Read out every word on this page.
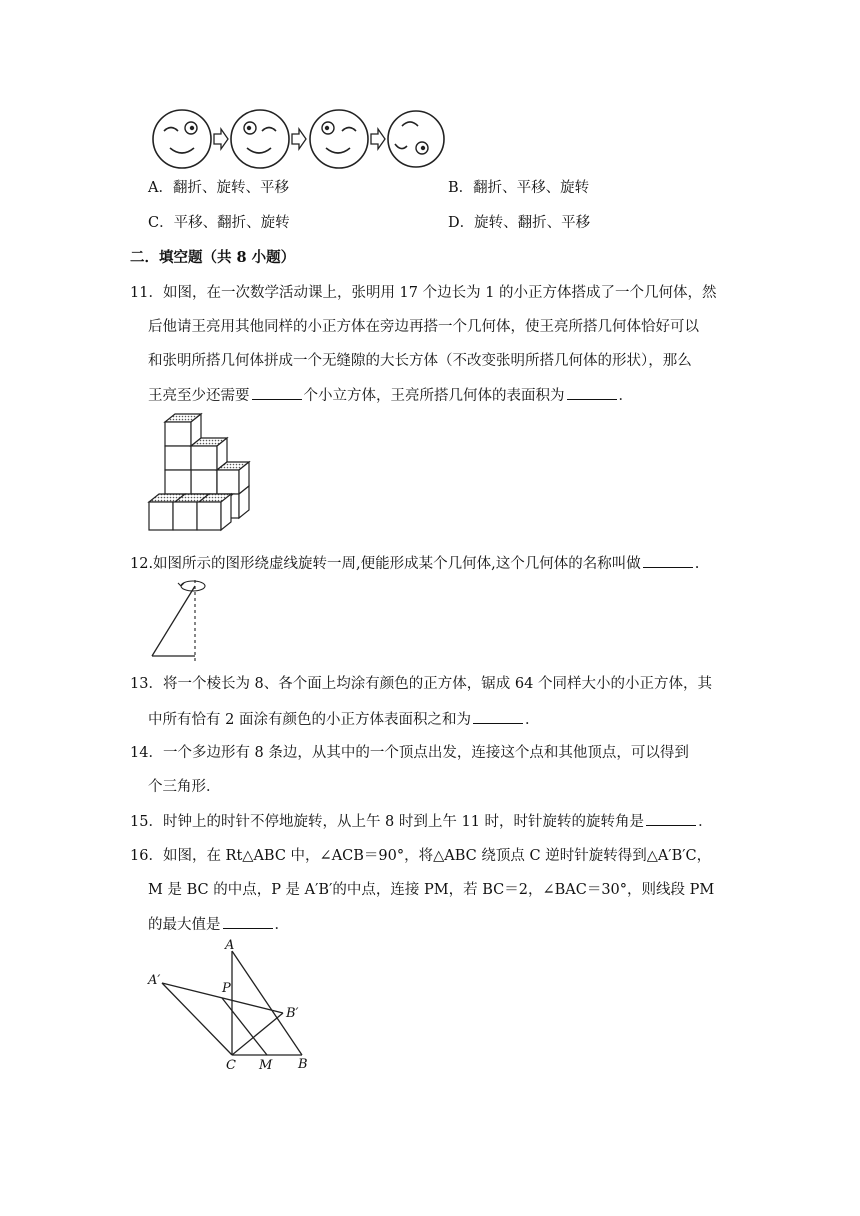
A．翻折、旋转、平移	B．翻折、平移、旋转
C．平移、翻折、旋转	D．旋转、翻折、平移
二．填空题（共 8 小题）
11．如图，在一次数学活动课上，张明用 17 个边长为 1 的小正方体搭成了一个几何体，然
后他请王亮用其他同样的小正方体在旁边再搭一个几何体，使王亮所搭几何体恰好可以
和张明所搭几何体拼成一个无缝隙的大长方体（不改变张明所搭几何体的形状），那么
王亮至少还需要	个小立方体，王亮所搭几何体的表面积为	．
12.如图所示的图形绕虚线旋转一周,便能形成某个几何体,这个几何体的名称叫做	.
13．将一个棱长为 8、各个面上均涂有颜色的正方体，锯成 64 个同样大小的小正方体，其
中所有恰有 2 面涂有颜色的小正方体表面积之和为	．
14．一个多边形有 8 条边，从其中的一个顶点出发，连接这个点和其他顶点，可以得到
个三角形．
15．时钟上的时针不停地旋转，从上午 8 时到上午 11 时，时针旋转的旋转角是	．
16．如图，在 Rt△ABC 中，∠ACB＝90°，将△ABC 绕顶点 C 逆时针旋转得到△A′B′C，
M 是 BC 的中点，P 是 A′B′的中点，连接 PM，若 BC＝2，∠BAC＝30°，则线段 PM
的最大值是	．
A
A′
P
B′
C M B
